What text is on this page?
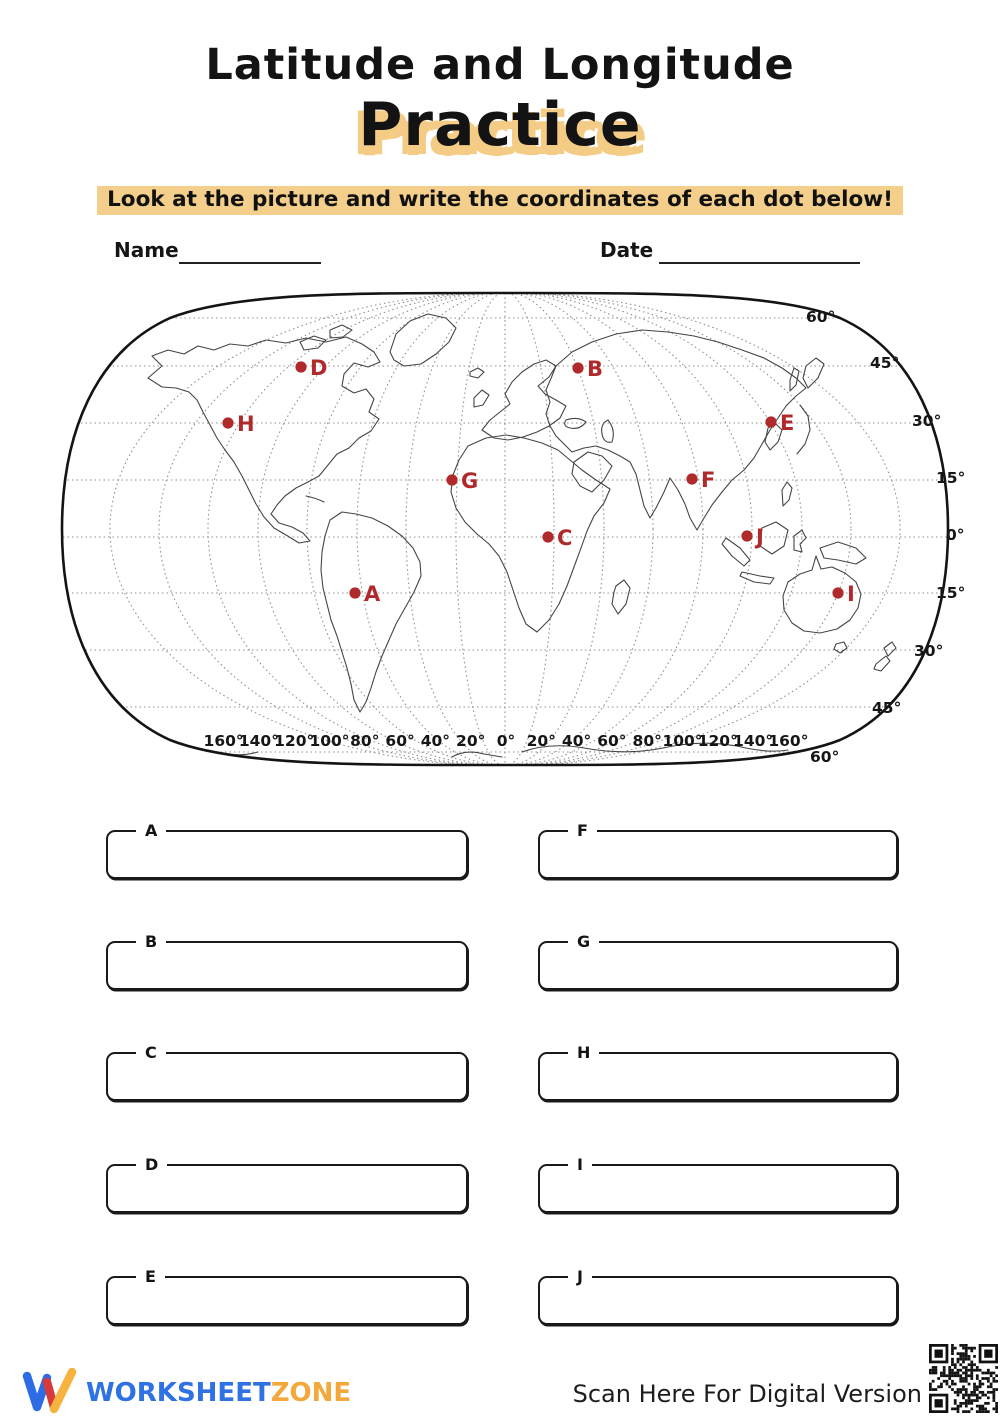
Latitude and Longitude
Practice
Look at the picture and write the coordinates of each dot below!
Name	Date
160°
140°
120°
100° 80° 60° 40° 20° 0° 20° 40° 60° 80° 100°
120°
140°
160°
60°
45°
30°
15°
0°
15°
30°
45°
60°
A
B
C
D
E
F
G
H
I
J
A
B
C
D
E
F
G
H
I
J
WORKSHEETZONE	Scan Here For Digital Version
